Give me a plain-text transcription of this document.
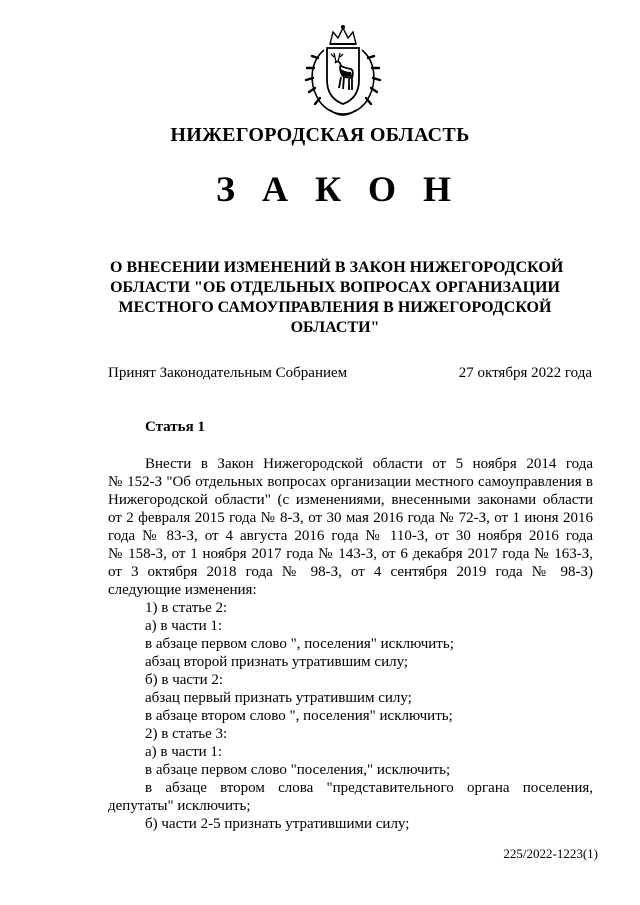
НИЖЕГОРОДСКАЯ ОБЛАСТЬ
З А К О Н
О ВНЕСЕНИИ ИЗМЕНЕНИЙ В ЗАКОН НИЖЕГОРОДСКОЙ
ОБЛАСТИ "ОБ ОТДЕЛЬНЫХ ВОПРОСАХ ОРГАНИЗАЦИИ
МЕСТНОГО САМОУПРАВЛЕНИЯ В НИЖЕГОРОДСКОЙ
ОБЛАСТИ"
Принят Законодательным Собранием	27 октября 2022 года
Статья 1
Внести в Закон Нижегородской области от 5 ноября 2014 года
№ 152-З "Об отдельных вопросах организации местного самоуправления в
Нижегородской области" (с изменениями, внесенными законами области
от 2 февраля 2015 года № 8-З, от 30 мая 2016 года № 72-З, от 1 июня 2016
года № 83-З, от 4 августа 2016 года № 110-З, от 30 ноября 2016 года
№ 158-З, от 1 ноября 2017 года № 143-З, от 6 декабря 2017 года № 163-З,
от 3 октября 2018 года № 98-З, от 4 сентября 2019 года № 98-З)
следующие изменения:
1) в статье 2:
а) в части 1:
в абзаце первом слово ", поселения" исключить;
абзац второй признать утратившим силу;
б) в части 2:
абзац первый признать утратившим силу;
в абзаце втором слово ", поселения" исключить;
2) в статье 3:
а) в части 1:
в абзаце первом слово "поселения," исключить;
в абзаце втором слова "представительного органа поселения,
депутаты" исключить;
б) части 2-5 признать утратившими силу;
225/2022-1223(1)
